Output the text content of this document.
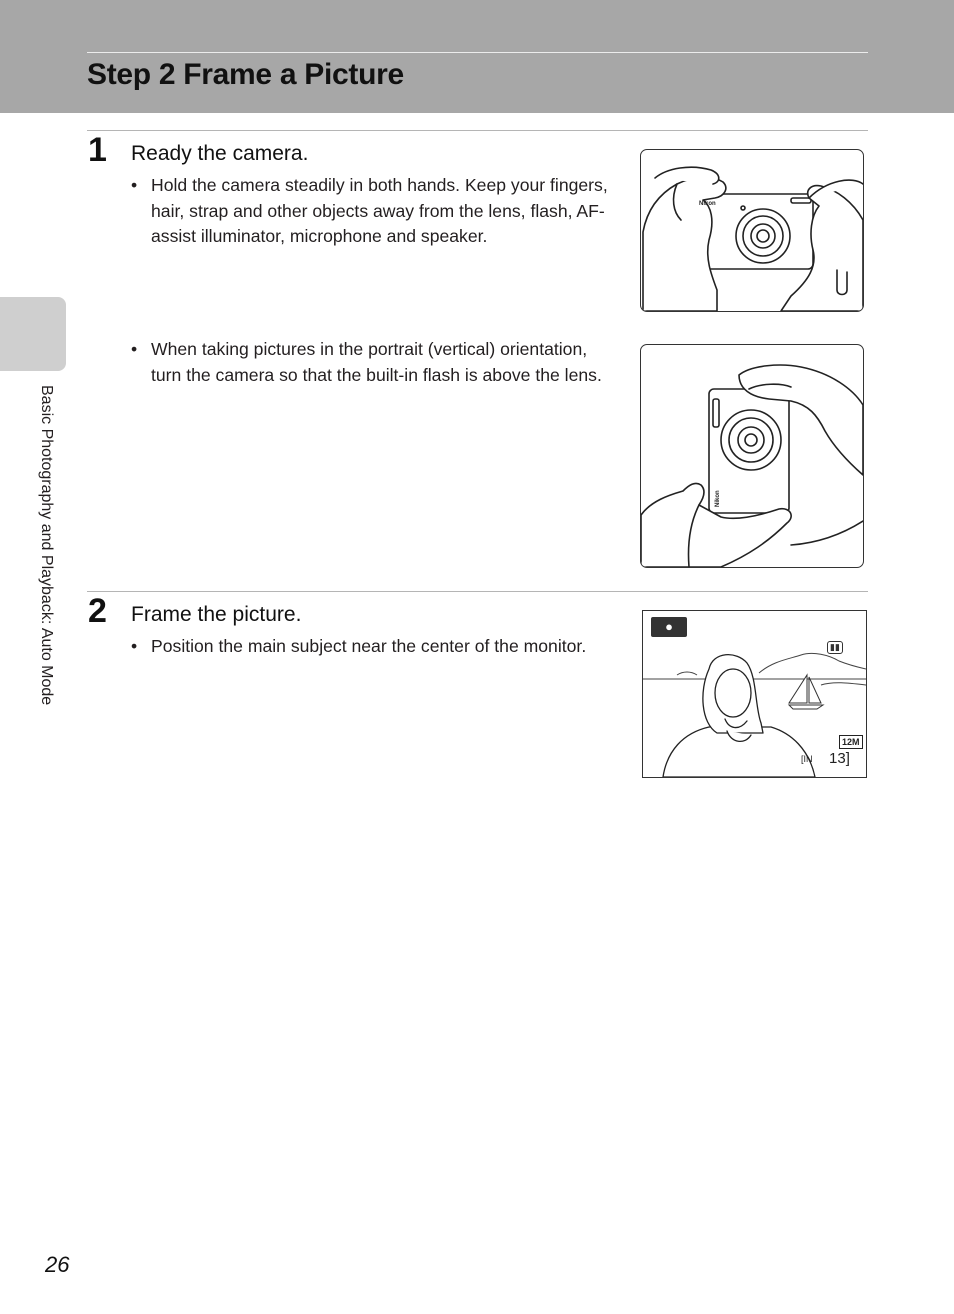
Step 2 Frame a Picture
Basic Photography and Playback: Auto Mode
1 Ready the camera.
• Hold the camera steadily in both hands. Keep your fingers, hair, strap and other objects away from the lens, flash, AF-assist illuminator, microphone and speaker.
• When taking pictures in the portrait (vertical) orientation, turn the camera so that the built-in flash is above the lens.
Nikon
Nikon
2 Frame the picture.
• Position the main subject near the center of the monitor.
●
▮▮
12M
[IN 13]
26
